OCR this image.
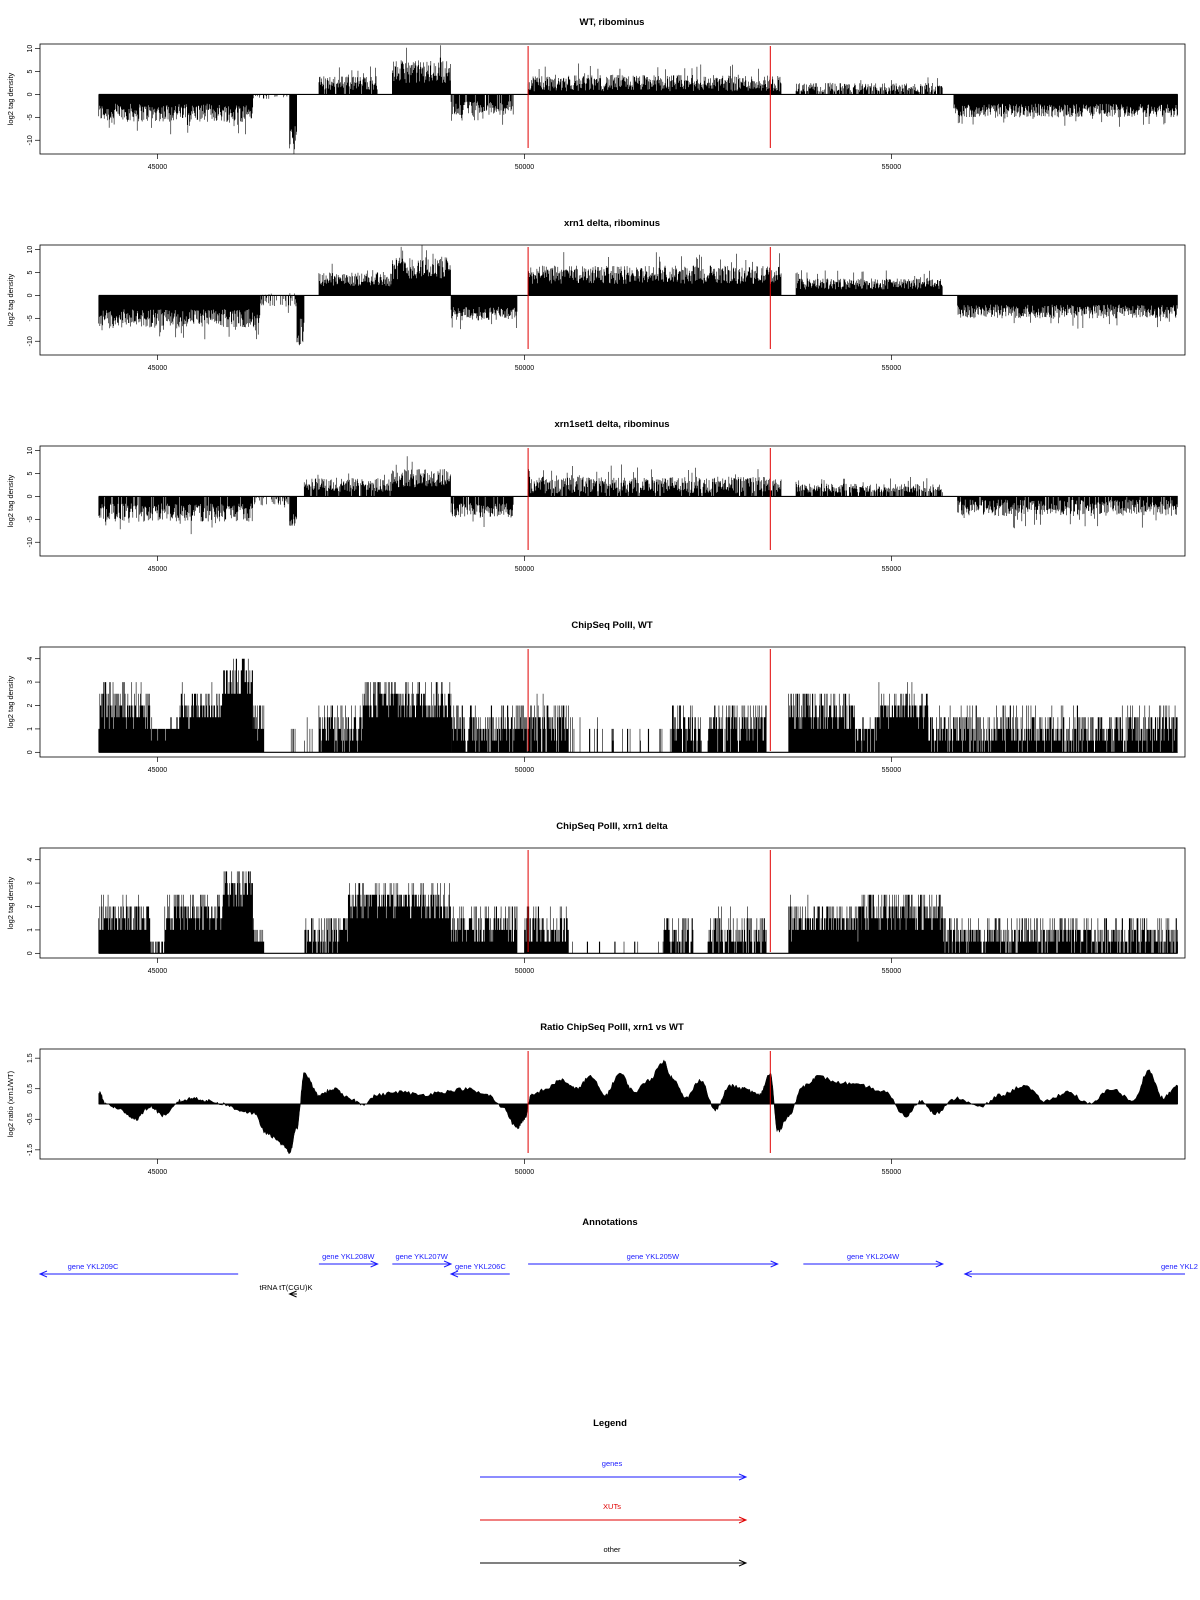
WT, ribominus
10
5
0
-5
-10
log2 tag density
45000	50000	55000
xrn1 delta, ribominus
10
5
0
-5
-10
log2 tag density
45000	50000	55000
xrn1set1 delta, ribominus
10
5
0
-5
-10
log2 tag density
45000	50000	55000
ChipSeq PolII, WT
0
1
2
3
4
log2 tag density
45000	50000	55000
ChipSeq PolII, xrn1 delta
0
1
2
3
4
log2 tag density
45000	50000	55000
Ratio ChipSeq PolII, xrn1 vs WT
1.5
0.5
-0.5
-1.5
log2 ratio (xrn1/WT)
45000	50000	55000
Annotations
gene YKL209C
gene YKL208W	gene YKL207W
gene YKL206C
gene YKL205W	gene YKL204W
gene YKL2
tRNA tT(CGU)K
Legend
genes
XUTs
other
